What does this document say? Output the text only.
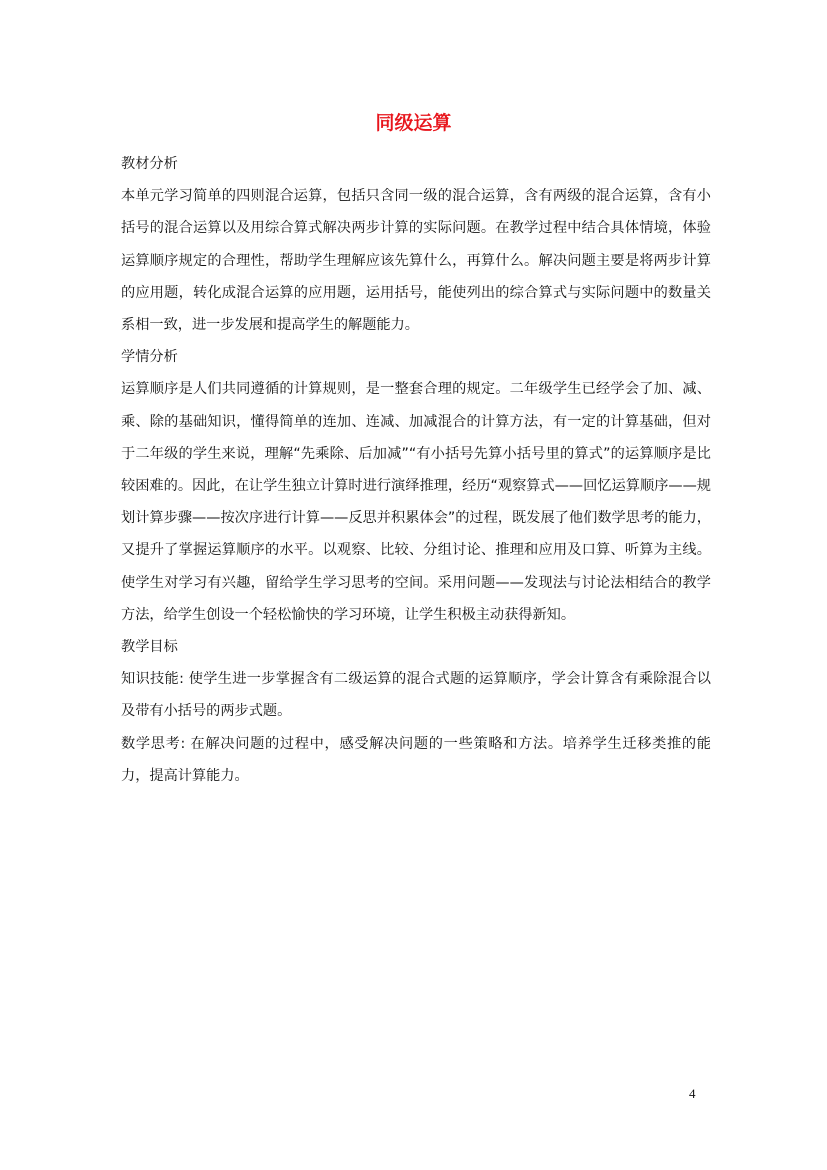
同级运算

教材分析

本单元学习简单的四则混合运算，包括只含同一级的混合运算，含有两级的混合运算，含有小括号的混合运算以及用综合算式解决两步计算的实际问题。在教学过程中结合具体情境，体验运算顺序规定的合理性，帮助学生理解应该先算什么，再算什么。解决问题主要是将两步计算的应用题，转化成混合运算的应用题，运用括号，能使列出的综合算式与实际问题中的数量关系相一致，进一步发展和提高学生的解题能力。

学情分析

运算顺序是人们共同遵循的计算规则，是一整套合理的规定。二年级学生已经学会了加、减、乘、除的基础知识，懂得简单的连加、连减、加减混合的计算方法，有一定的计算基础，但对于二年级的学生来说，理解“先乘除、后加减”“有小括号先算小括号里的算式”的运算顺序是比较困难的。因此，在让学生独立计算时进行演绎推理，经历“观察算式——回忆运算顺序——规划计算步骤——按次序进行计算——反思并积累体会”的过程，既发展了他们数学思考的能力，又提升了掌握运算顺序的水平。以观察、比较、分组讨论、推理和应用及口算、听算为主线。使学生对学习有兴趣，留给学生学习思考的空间。采用问题——发现法与讨论法相结合的教学方法，给学生创设一个轻松愉快的学习环境，让学生积极主动获得新知。

教学目标

知识技能: 使学生进一步掌握含有二级运算的混合式题的运算顺序，学会计算含有乘除混合以及带有小括号的两步式题。

数学思考: 在解决问题的过程中，感受解决问题的一些策略和方法。培养学生迁移类推的能力，提高计算能力。

4
